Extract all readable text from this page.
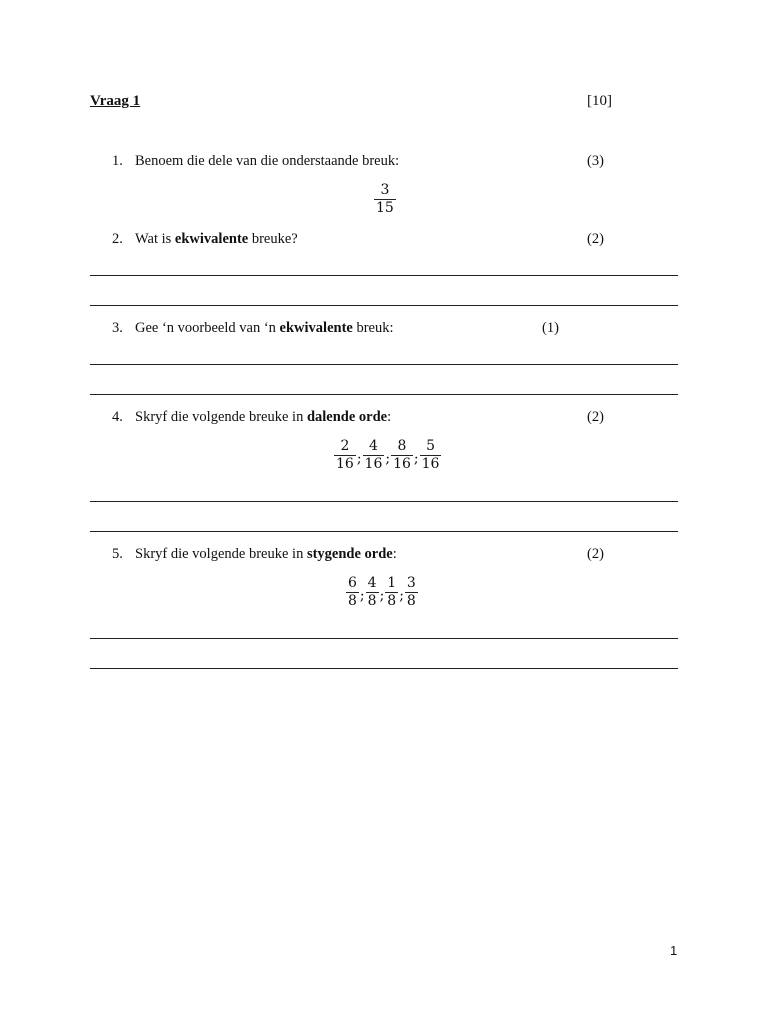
Vraag 1	[10]
1. Benoem die dele van die onderstaande breuk:	(3)
$\frac{3}{15}$
2. Wat is ekwivalente breuke?	(2)
3. Gee ‘n voorbeeld van ‘n ekwivalente breuk:	(1)
4. Skryf die volgende breuke in dalende orde:	(2)
$\frac{2}{16}$ ; $\frac{4}{16}$ ; $\frac{8}{16}$ ; $\frac{5}{16}$
5. Skryf die volgende breuke in stygende orde:	(2)
$\frac{6}{8}$ ; $\frac{4}{8}$ ; $\frac{1}{8}$ ; $\frac{3}{8}$
1
